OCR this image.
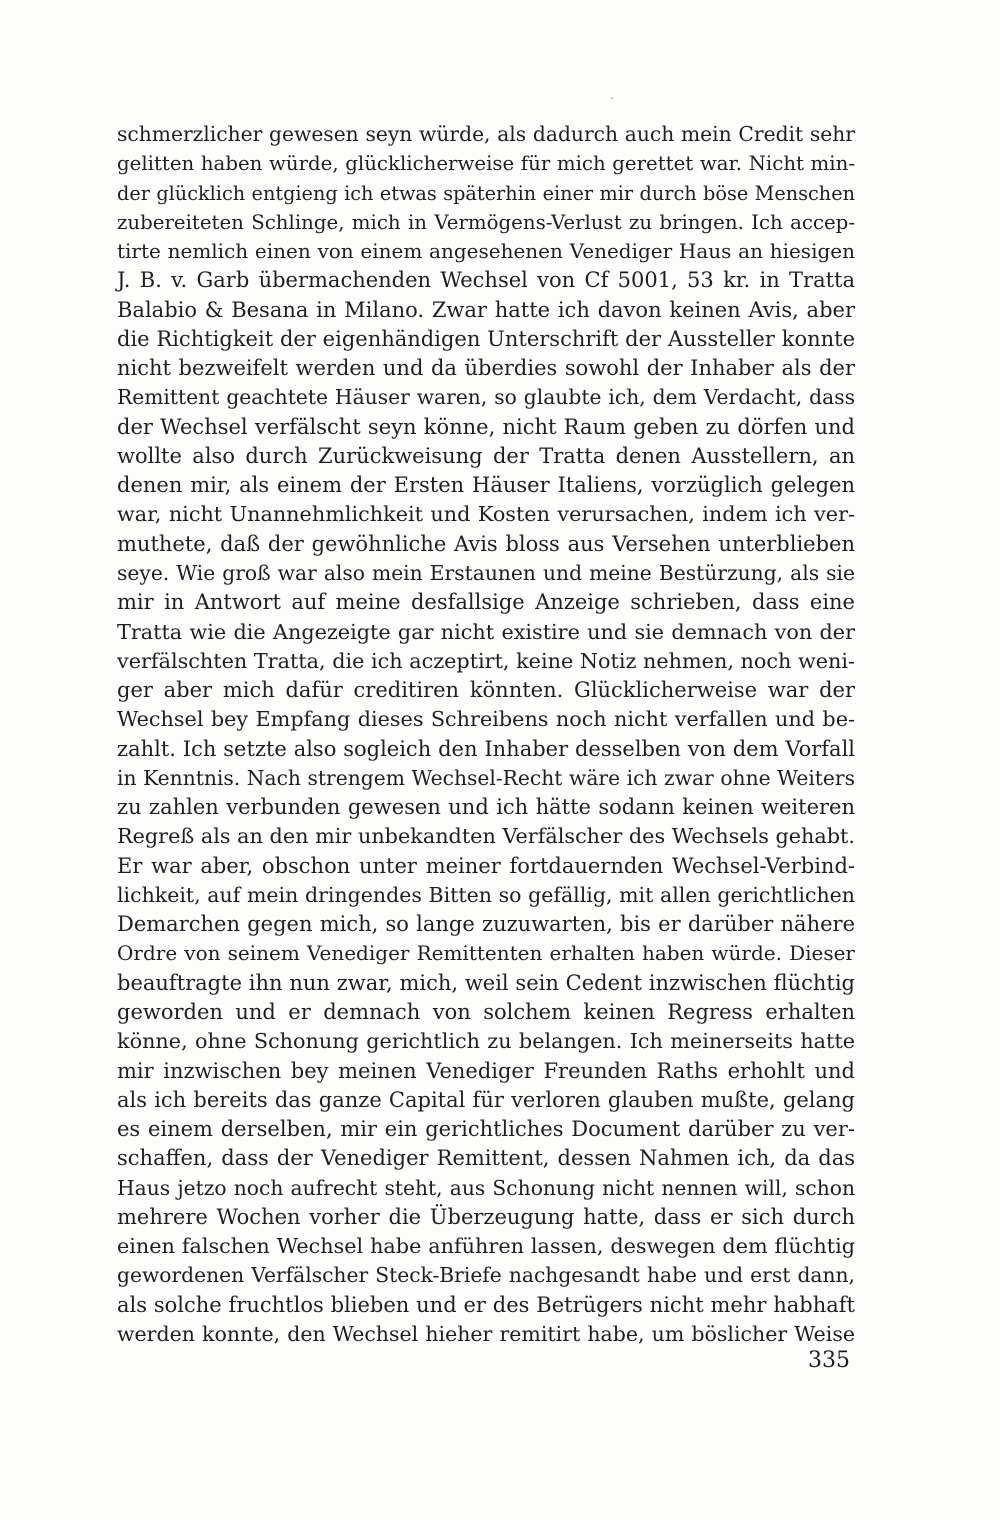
schmerzlicher gewesen seyn würde, als dadurch auch mein Credit sehr
gelitten haben würde, glücklicherweise für mich gerettet war. Nicht min-
der glücklich entgieng ich etwas späterhin einer mir durch böse Menschen
zubereiteten Schlinge, mich in Vermögens-Verlust zu bringen. Ich accep-
tirte nemlich einen von einem angesehenen Venediger Haus an hiesigen
J. B. v. Garb übermachenden Wechsel von Cf 5001, 53 kr. in Tratta
Balabio & Besana in Milano. Zwar hatte ich davon keinen Avis, aber
die Richtigkeit der eigenhändigen Unterschrift der Aussteller konnte
nicht bezweifelt werden und da überdies sowohl der Inhaber als der
Remittent geachtete Häuser waren, so glaubte ich, dem Verdacht, dass
der Wechsel verfälscht seyn könne, nicht Raum geben zu dörfen und
wollte also durch Zurückweisung der Tratta denen Ausstellern, an
denen mir, als einem der Ersten Häuser Italiens, vorzüglich gelegen
war, nicht Unannehmlichkeit und Kosten verursachen, indem ich ver-
muthete, daß der gewöhnliche Avis bloss aus Versehen unterblieben
seye. Wie groß war also mein Erstaunen und meine Bestürzung, als sie
mir in Antwort auf meine desfallsige Anzeige schrieben, dass eine
Tratta wie die Angezeigte gar nicht existire und sie demnach von der
verfälschten Tratta, die ich aczeptirt, keine Notiz nehmen, noch weni-
ger aber mich dafür creditiren könnten. Glücklicherweise war der
Wechsel bey Empfang dieses Schreibens noch nicht verfallen und be-
zahlt. Ich setzte also sogleich den Inhaber desselben von dem Vorfall
in Kenntnis. Nach strengem Wechsel-Recht wäre ich zwar ohne Weiters
zu zahlen verbunden gewesen und ich hätte sodann keinen weiteren
Regreß als an den mir unbekandten Verfälscher des Wechsels gehabt.
Er war aber, obschon unter meiner fortdauernden Wechsel-Verbind-
lichkeit, auf mein dringendes Bitten so gefällig, mit allen gerichtlichen
Demarchen gegen mich, so lange zuzuwarten, bis er darüber nähere
Ordre von seinem Venediger Remittenten erhalten haben würde. Dieser
beauftragte ihn nun zwar, mich, weil sein Cedent inzwischen flüchtig
geworden und er demnach von solchem keinen Regress erhalten
könne, ohne Schonung gerichtlich zu belangen. Ich meinerseits hatte
mir inzwischen bey meinen Venediger Freunden Raths erhohlt und
als ich bereits das ganze Capital für verloren glauben mußte, gelang
es einem derselben, mir ein gerichtliches Document darüber zu ver-
schaffen, dass der Venediger Remittent, dessen Nahmen ich, da das
Haus jetzo noch aufrecht steht, aus Schonung nicht nennen will, schon
mehrere Wochen vorher die Überzeugung hatte, dass er sich durch
einen falschen Wechsel habe anführen lassen, deswegen dem flüchtig
gewordenen Verfälscher Steck-Briefe nachgesandt habe und erst dann,
als solche fruchtlos blieben und er des Betrügers nicht mehr habhaft
werden konnte, den Wechsel hieher remitirt habe, um böslicher Weise
335
